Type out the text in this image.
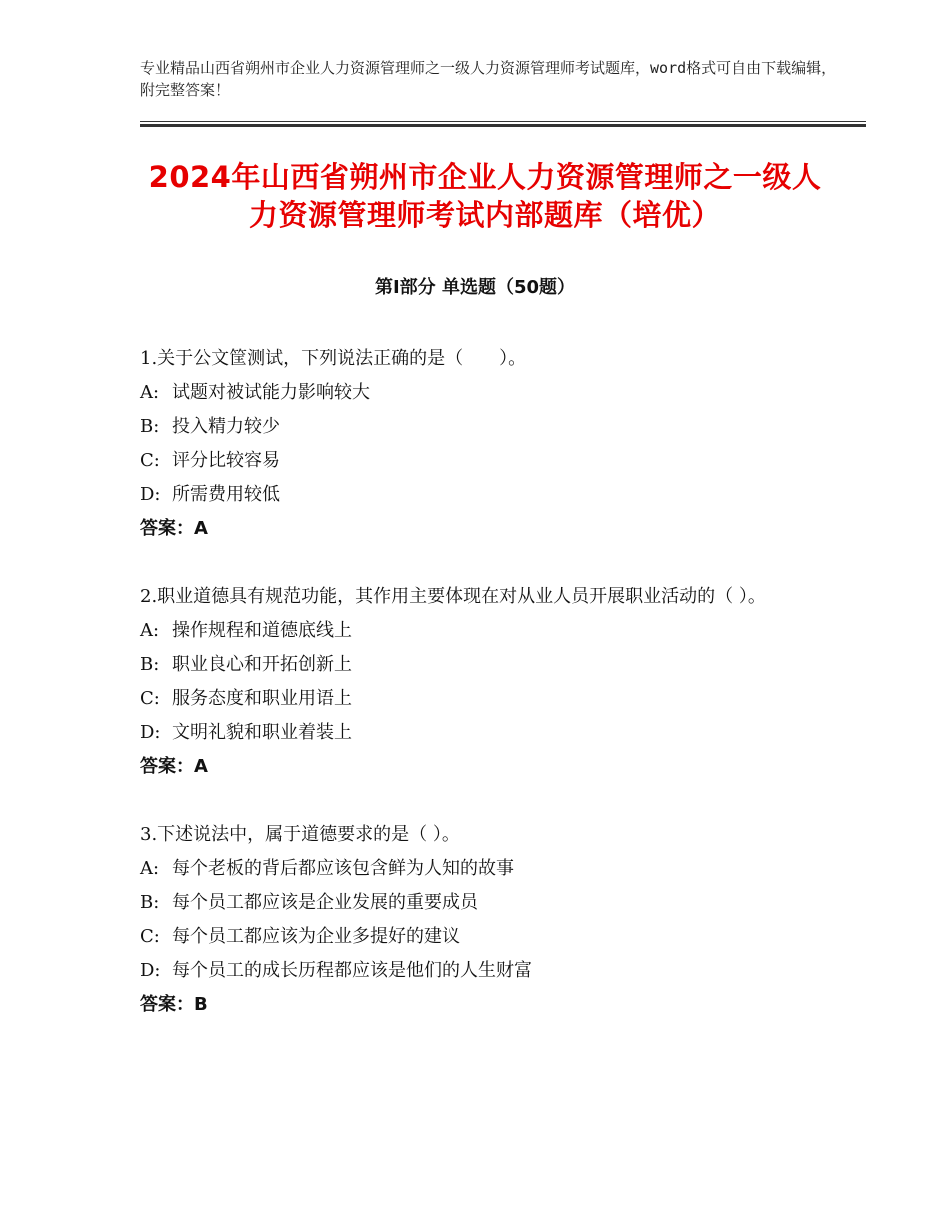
专业精品山西省朔州市企业人力资源管理师之一级人力资源管理师考试题库，word格式可自由下载编辑，附完整答案！
2024年山西省朔州市企业人力资源管理师之一级人力资源管理师考试内部题库（培优）
第Ⅰ部分 单选题（50题）
1.关于公文筐测试，下列说法正确的是（　　）。
A: 试题对被试能力影响较大
B: 投入精力较少
C: 评分比较容易
D: 所需费用较低
答案：A
2.职业道德具有规范功能，其作用主要体现在对从业人员开展职业活动的（ ）。
A: 操作规程和道德底线上
B: 职业良心和开拓创新上
C: 服务态度和职业用语上
D: 文明礼貌和职业着装上
答案：A
3.下述说法中，属于道德要求的是（ ）。
A: 每个老板的背后都应该包含鲜为人知的故事
B: 每个员工都应该是企业发展的重要成员
C: 每个员工都应该为企业多提好的建议
D: 每个员工的成长历程都应该是他们的人生财富
答案：B
